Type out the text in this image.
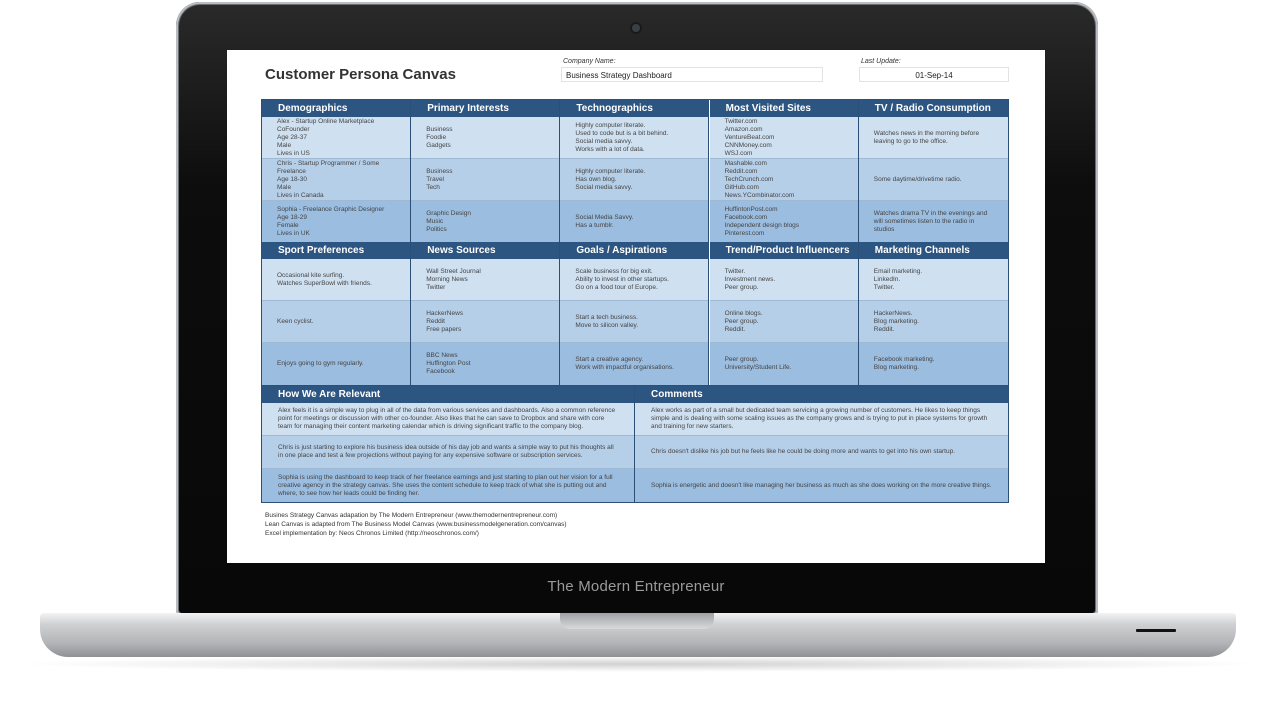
The Modern Entrepreneur
Customer Persona Canvas
Company Name:
Business Strategy Dashboard
Last Update:
01-Sep-14
Demographics
Alex - Startup Online Marketplace CoFounder
Age 28-37
Male
Lives in US
Chris - Startup Programmer / Some Freelance
Age 18-30
Male
Lives in Canada
Sophia - Freelance Graphic Designer
Age 18-29
Female
Lives in UK
Primary Interests
Business
Foodie
Gadgets
Business
Travel
Tech
Graphic Design
Music
Politics
Technographics
Highly computer literate.
Used to code but is a bit behind.
Social media savvy.
Works with a lot of data.
Highly computer literate.
Has own blog.
Social media savvy.
Social Media Savvy.
Has a tumblr.
Most Visited Sites
Twitter.com
Amazon.com
VentureBeat.com
CNNMoney.com
WSJ.com
Mashable.com
Reddit.com
TechCrunch.com
GitHub.com
News.YCombinator.com
HuffintonPost.com
Facebook.com
Independent design blogs
Pinterest.com
TV / Radio Consumption
Watches news in the morning before leaving to go to the office.
Some daytime/drivetime radio.
Watches drama TV in the evenings and will sometimes listen to the radio in studios
Sport Preferences
Occasional kite surfing.
Watches SuperBowl with friends.
Keen cyclist.
Enjoys going to gym regularly.
News Sources
Wall Street Journal
Morning News
Twitter
HackerNews
Reddit
Free papers
BBC News
Huffington Post
Facebook
Goals / Aspirations
Scale business for big exit.
Ability to invest in other startups.
Go on a food tour of Europe.
Start a tech business.
Move to silicon valley.
Start a creative agency.
Work with impactful organisations.
Trend/Product Influencers
Twitter.
Investment news.
Peer group.
Online blogs.
Peer group.
Reddit.
Peer group.
University/Student Life.
Marketing Channels
Email marketing.
LinkedIn.
Twitter.
HackerNews.
Blog marketing.
Reddit.
Facebook marketing.
Blog marketing.
How We Are Relevant
Alex feels it is a simple way to plug in all of the data from various services and dashboards. Also a common reference point for meetings or discussion with other co-founder. Also likes that he can save to Dropbox and share with core team for managing their content marketing calendar which is driving significant traffic to the company blog.
Chris is just starting to explore his business idea outside of his day job and wants a simple way to put his thoughts all in one place and test a few projections without paying for any expensive software or subscription services.
Sophia is using the dashboard to keep track of her freelance earnings and just starting to plan out her vision for a full creative agency in the strategy canvas. She uses the content schedule to keep track of what she is putting out and where, to see how her leads could be finding her.
Comments
Alex works as part of a small but dedicated team servicing a growing number of customers. He likes to keep things simple and is dealing with some scaling issues as the company grows and is trying to put in place systems for growth and training for new starters.
Chris doesn't dislike his job but he feels like he could be doing more and wants to get into his own startup.
Sophia is energetic and doesn't like managing her business as much as she does working on the more creative things.
Busines Strategy Canvas adapation by The Modern Entrepreneur (www.themodernentrepreneur.com)
Lean Canvas is adapted from The Business Model Canvas (www.businessmodelgeneration.com/canvas)
Excel implementation by: Neos Chronos Limited (http://neoschronos.com/)
